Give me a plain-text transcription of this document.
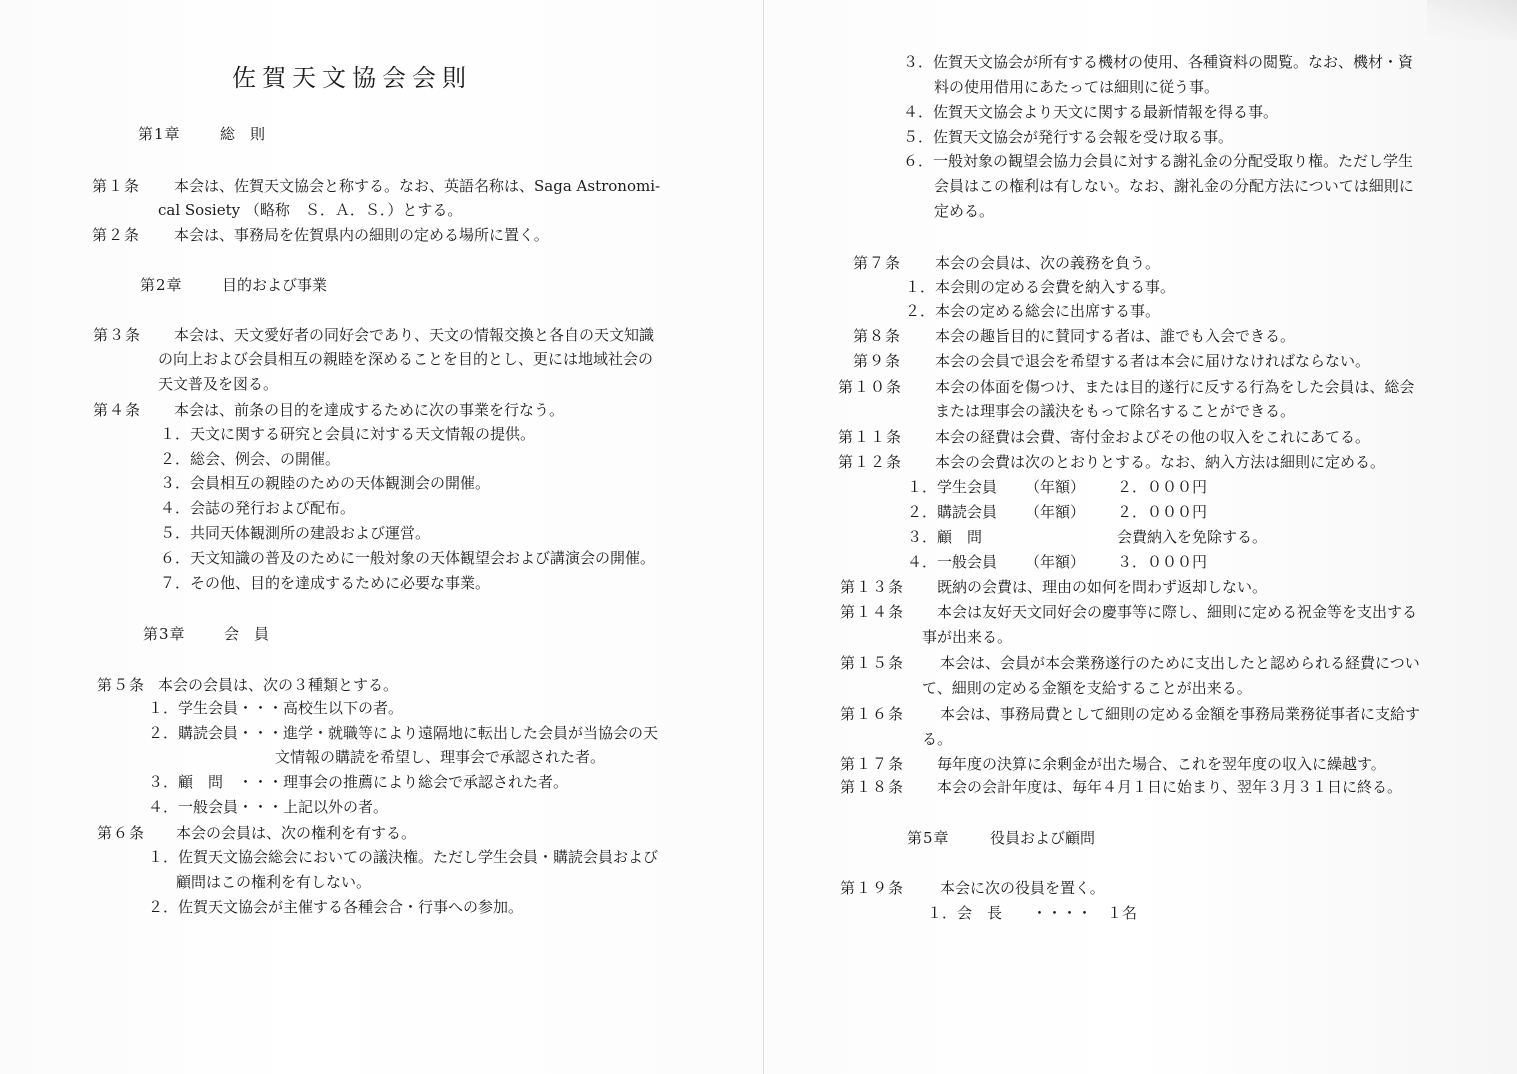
佐賀天文協会会則
第1章	総　則
第１条 本会は、佐賀天文協会と称する。なお、英語名称は、Saga Astronomi-
cal Sosiety （略称　Ｓ．Ａ．Ｓ．）とする。
第２条 本会は、事務局を佐賀県内の細則の定める場所に置く。
第2章	目的および事業
第３条 本会は、天文愛好者の同好会であり、天文の情報交換と各自の天文知識
の向上および会員相互の親睦を深めることを目的とし、更には地域社会の
天文普及を図る。
第４条 本会は、前条の目的を達成するために次の事業を行なう。
１．天文に関する研究と会員に対する天文情報の提供。
２．総会、例会、の開催。
３．会員相互の親睦のための天体観測会の開催。
４．会誌の発行および配布。
５．共同天体観測所の建設および運営。
６．天文知識の普及のために一般対象の天体観望会および講演会の開催。
７．その他、目的を達成するために必要な事業。
第3章	会　員
第５条 本会の会員は、次の３種類とする。
１．学生会員・・・高校生以下の者。
２．購読会員・・・進学・就職等により遠隔地に転出した会員が当協会の天
文情報の購読を希望し、理事会で承認された者。
３．顧　問　・・・理事会の推薦により総会で承認された者。
４．一般会員・・・上記以外の者。
第６条 本会の会員は、次の権利を有する。
１．佐賀天文協会総会においての議決権。ただし学生会員・購読会員および
顧問はこの権利を有しない。
２．佐賀天文協会が主催する各種会合・行事への参加。
３．佐賀天文協会が所有する機材の使用、各種資料の閲覧。なお、機材・資
料の使用借用にあたっては細則に従う事。
４．佐賀天文協会より天文に関する最新情報を得る事。
５．佐賀天文協会が発行する会報を受け取る事。
６．一般対象の観望会協力会員に対する謝礼金の分配受取り権。ただし学生
会員はこの権利は有しない。なお、謝礼金の分配方法については細則に
定める。
第７条 本会の会員は、次の義務を負う。
１．本会則の定める会費を納入する事。
２．本会の定める総会に出席する事。
第８条 本会の趣旨目的に賛同する者は、誰でも入会できる。
第９条 本会の会員で退会を希望する者は本会に届けなければならない。
第１０条 本会の体面を傷つけ、または目的遂行に反する行為をした会員は、総会
または理事会の議決をもって除名することができる。
第１１条 本会の経費は会費、寄付金およびその他の収入をこれにあてる。
第１２条 本会の会費は次のとおりとする。なお、納入方法は細則に定める。
１．学生会員 （年額） ２．０００円
２．購読会員 （年額） ２．０００円
３．顧　問	会費納入を免除する。
４．一般会員 （年額） ３．０００円
第１３条 既納の会費は、理由の如何を問わず返却しない。
第１４条 本会は友好天文同好会の慶事等に際し、細則に定める祝金等を支出する
事が出来る。
第１５条 本会は、会員が本会業務遂行のために支出したと認められる経費につい
て、細則の定める金額を支給することが出来る。
第１６条 本会は、事務局費として細則の定める金額を事務局業務従事者に支給す
る。
第１７条 毎年度の決算に余剰金が出た場合、これを翌年度の収入に繰越す。
第１８条 本会の会計年度は、毎年４月１日に始まり、翌年３月３１日に終る。
第5章	役員および顧問
第１９条 本会に次の役員を置く。
１．会　長　　・・・・　１名
